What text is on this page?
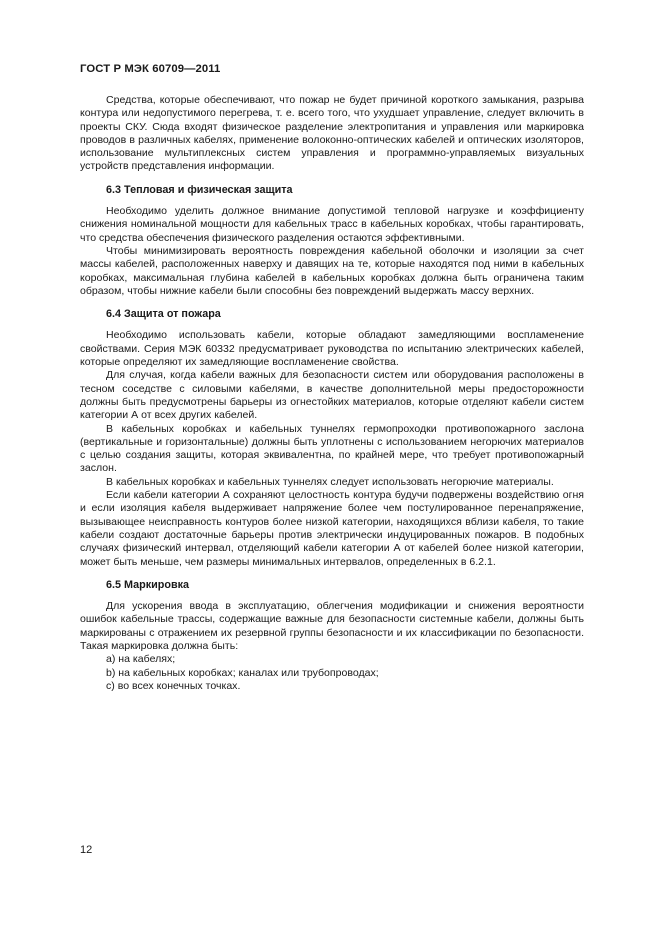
ГОСТ Р МЭК 60709—2011

Средства, которые обеспечивают, что пожар не будет причиной короткого замыкания, разрыва контура или недопустимого перегрева, т. е. всего того, что ухудшает управление, следует включить в проекты СКУ. Сюда входят физическое разделение электропитания и управления или маркировка проводов в различных кабелях, применение волоконно-оптических кабелей и оптических изоляторов, использование мультиплексных систем управления и программно-управляемых визуальных устройств представления информации.

6.3 Тепловая и физическая защита

Необходимо уделить должное внимание допустимой тепловой нагрузке и коэффициенту снижения номинальной мощности для кабельных трасс в кабельных коробках, чтобы гарантировать, что средства обеспечения физического разделения остаются эффективными.

Чтобы минимизировать вероятность повреждения кабельной оболочки и изоляции за счет массы кабелей, расположенных наверху и давящих на те, которые находятся под ними в кабельных коробках, максимальная глубина кабелей в кабельных коробках должна быть ограничена таким образом, чтобы нижние кабели были способны без повреждений выдержать массу верхних.

6.4 Защита от пожара

Необходимо использовать кабели, которые обладают замедляющими воспламенение свойствами. Серия МЭК 60332 предусматривает руководства по испытанию электрических кабелей, которые определяют их замедляющие воспламенение свойства.

Для случая, когда кабели важных для безопасности систем или оборудования расположены в тесном соседстве с силовыми кабелями, в качестве дополнительной меры предосторожности должны быть предусмотрены барьеры из огнестойких материалов, которые отделяют кабели систем категории А от всех других кабелей.

В кабельных коробках и кабельных туннелях гермопроходки противопожарного заслона (вертикальные и горизонтальные) должны быть уплотнены с использованием негорючих материалов с целью создания защиты, которая эквивалентна, по крайней мере, что требует противопожарный заслон.

В кабельных коробках и кабельных туннелях следует использовать негорючие материалы.

Если кабели категории А сохраняют целостность контура будучи подвержены воздействию огня и если изоляция кабеля выдерживает напряжение более чем постулированное перенапряжение, вызывающее неисправность контуров более низкой категории, находящихся вблизи кабеля, то такие кабели создают достаточные барьеры против электрически индуцированных пожаров. В подобных случаях физический интервал, отделяющий кабели категории А от кабелей более низкой категории, может быть меньше, чем размеры минимальных интервалов, определенных в 6.2.1.

6.5 Маркировка

Для ускорения ввода в эксплуатацию, облегчения модификации и снижения вероятности ошибок кабельные трассы, содержащие важные для безопасности системные кабели, должны быть маркированы с отражением их резервной группы безопасности и их классификации по безопасности. Такая маркировка должна быть:

a) на кабелях;

b) на кабельных коробках; каналах или трубопроводах;

c) во всех конечных точках.

12
